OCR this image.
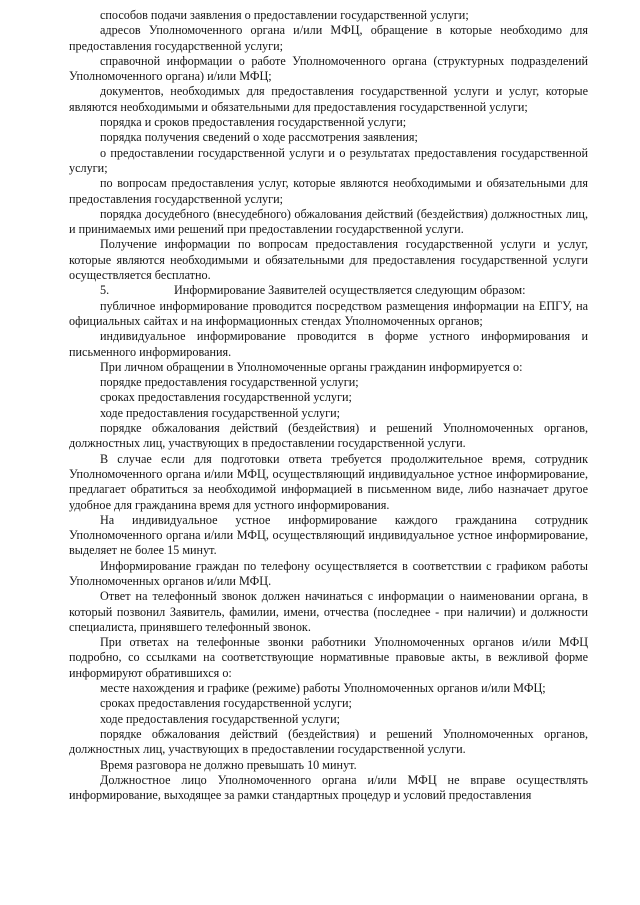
способов подачи заявления о предоставлении государственной услуги;

адресов Уполномоченного органа и/или МФЦ, обращение в которые необходимо для предоставления государственной услуги;

справочной информации о работе Уполномоченного органа (структурных подразделений Уполномоченного органа) и/или МФЦ;

документов, необходимых для предоставления государственной услуги и услуг, которые являются необходимыми и обязательными для предоставления государственной услуги;

порядка и сроков предоставления государственной услуги;

порядка получения сведений о ходе рассмотрения заявления;

о предоставлении государственной услуги и о результатах предоставления государственной услуги;

по вопросам предоставления услуг, которые являются необходимыми и обязательными для предоставления государственной услуги;

порядка досудебного (внесудебного) обжалования действий (бездействия) должностных лиц, и принимаемых ими решений при предоставлении государственной услуги.

Получение информации по вопросам предоставления государственной услуги и услуг, которые являются необходимыми и обязательными для предоставления государственной услуги осуществляется бесплатно.

5.	Информирование Заявителей осуществляется следующим образом:

публичное информирование проводится посредством размещения информации на ЕПГУ, на официальных сайтах и на информационных стендах Уполномоченных органов;

индивидуальное информирование проводится в форме устного информирования и письменного информирования.

При личном обращении в Уполномоченные органы гражданин информируется о:

порядке предоставления государственной услуги;

сроках предоставления государственной услуги;

ходе предоставления государственной услуги;

порядке обжалования действий (бездействия) и решений Уполномоченных органов, должностных лиц, участвующих в предоставлении государственной услуги.

В случае если для подготовки ответа требуется продолжительное время, сотрудник Уполномоченного органа и/или МФЦ, осуществляющий индивидуальное устное информирование, предлагает обратиться за необходимой информацией в письменном виде, либо назначает другое удобное для гражданина время для устного информирования.

На индивидуальное устное информирование каждого гражданина сотрудник Уполномоченного органа и/или МФЦ, осуществляющий индивидуальное устное информирование, выделяет не более 15 минут.

Информирование граждан по телефону осуществляется в соответствии с графиком работы Уполномоченных органов и/или МФЦ.

Ответ на телефонный звонок должен начинаться с информации о наименовании органа, в который позвонил Заявитель, фамилии, имени, отчества (последнее - при наличии) и должности специалиста, принявшего телефонный звонок.

При ответах на телефонные звонки работники Уполномоченных органов и/или МФЦ подробно, со ссылками на соответствующие нормативные правовые акты, в вежливой форме информируют обратившихся о:

месте нахождения и графике (режиме) работы Уполномоченных органов и/или МФЦ;

сроках предоставления государственной услуги;

ходе предоставления государственной услуги;

порядке обжалования действий (бездействия) и решений Уполномоченных органов, должностных лиц, участвующих в предоставлении государственной услуги.

Время разговора не должно превышать 10 минут.

Должностное лицо Уполномоченного органа и/или МФЦ не вправе осуществлять информирование, выходящее за рамки стандартных процедур и условий предоставления
